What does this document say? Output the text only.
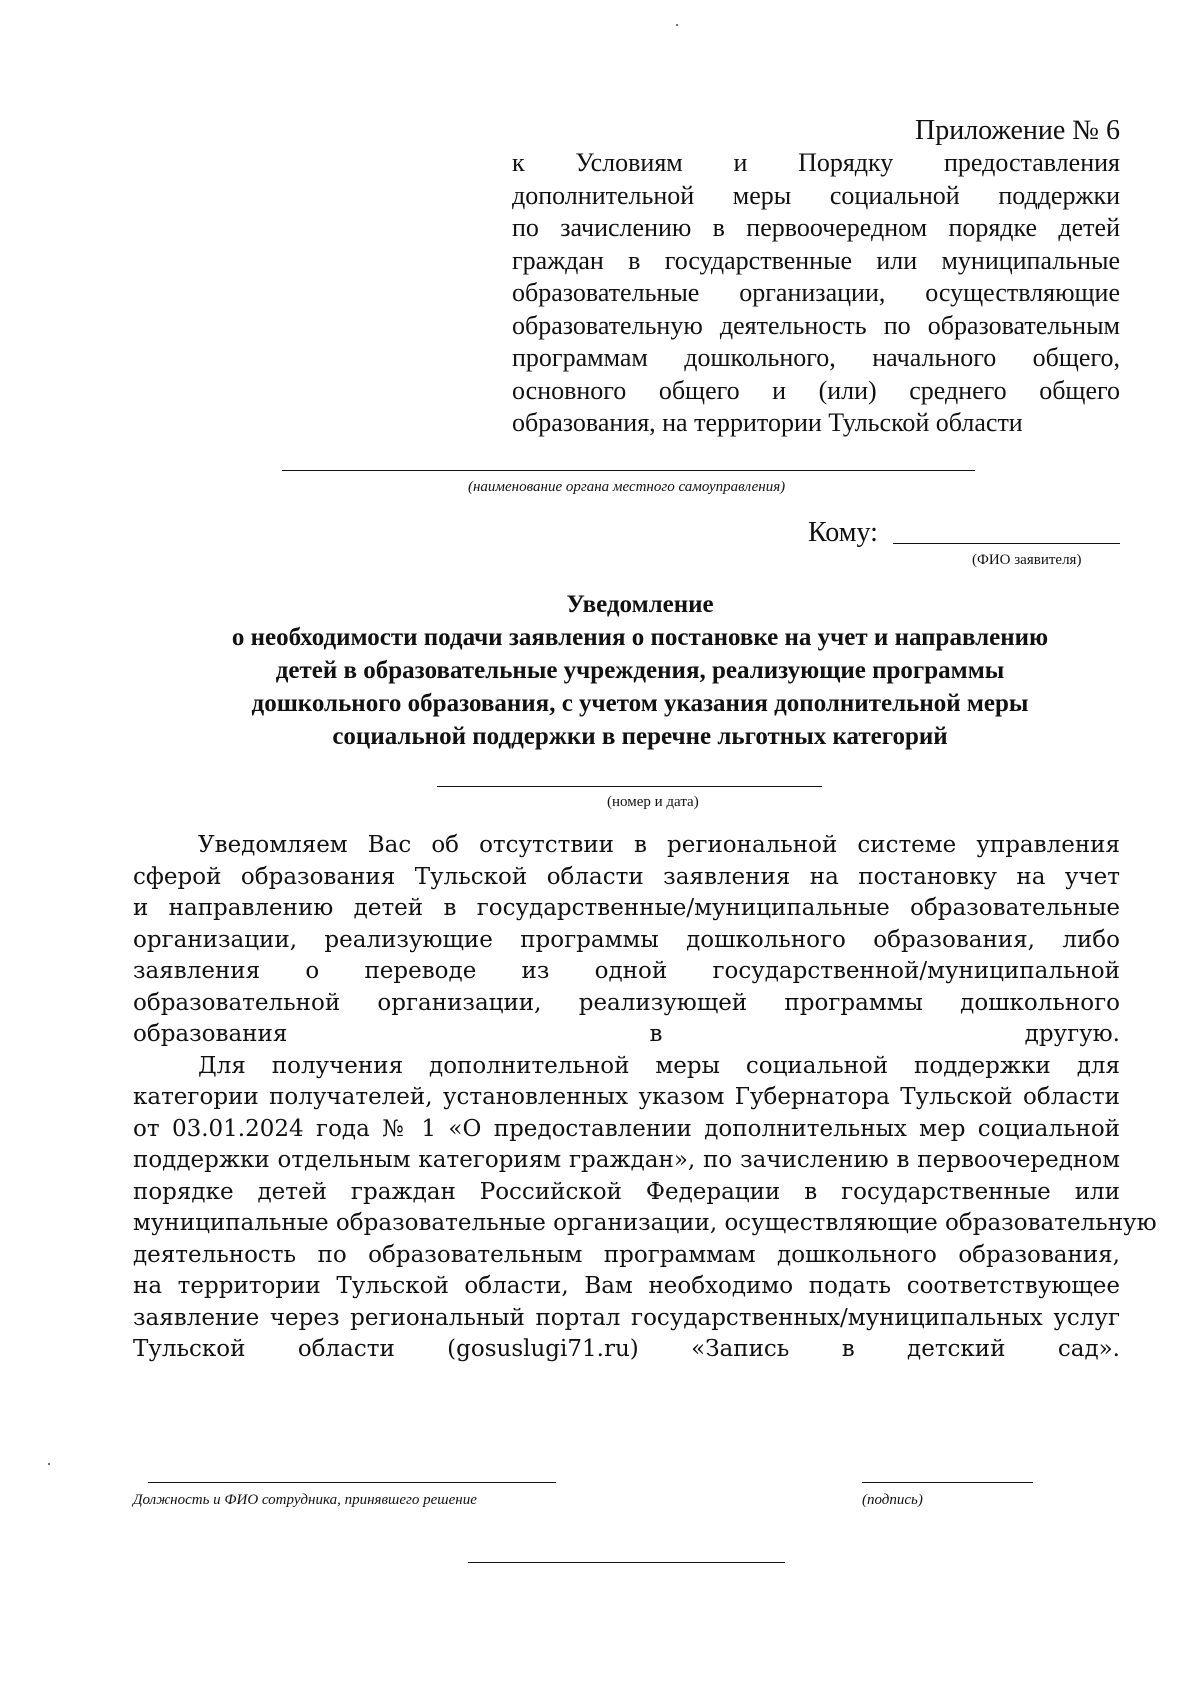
Приложение № 6
к Условиям и Порядку предоставления
дополнительной меры социальной поддержки
по зачислению в первоочередном порядке детей
граждан в государственные или муниципальные
образовательные организации, осуществляющие
образовательную деятельность по образовательным
программам дошкольного, начального общего,
основного общего и (или) среднего общего
образования, на территории Тульской области
(наименование органа местного самоуправления)
Кому:
(ФИО заявителя)
Уведомление
о необходимости подачи заявления о постановке на учет и направлению
детей в образовательные учреждения, реализующие программы
дошкольного образования, с учетом указания дополнительной меры
социальной поддержки в перечне льготных категорий
(номер и дата)
Уведомляем Вас об отсутствии в региональной системе управления
сферой образования Тульской области заявления на постановку на учет
и направлению детей в государственные/муниципальные образовательные
организации, реализующие программы дошкольного образования, либо
заявления о переводе из одной государственной/муниципальной
образовательной организации, реализующей программы дошкольного
образования в другую.
Для получения дополнительной меры социальной поддержки для
категории получателей, установленных указом Губернатора Тульской области
от 03.01.2024 года № 1 «О предоставлении дополнительных мер социальной
поддержки отдельным категориям граждан», по зачислению в первоочередном
порядке детей граждан Российской Федерации в государственные или
муниципальные образовательные организации, осуществляющие образовательную
деятельность по образовательным программам дошкольного образования,
на территории Тульской области, Вам необходимо подать соответствующее
заявление через региональный портал государственных/муниципальных услуг
Тульской области (gosuslugi71.ru) «Запись в детский сад».
Должность и ФИО сотрудника, принявшего решение	(подпись)
